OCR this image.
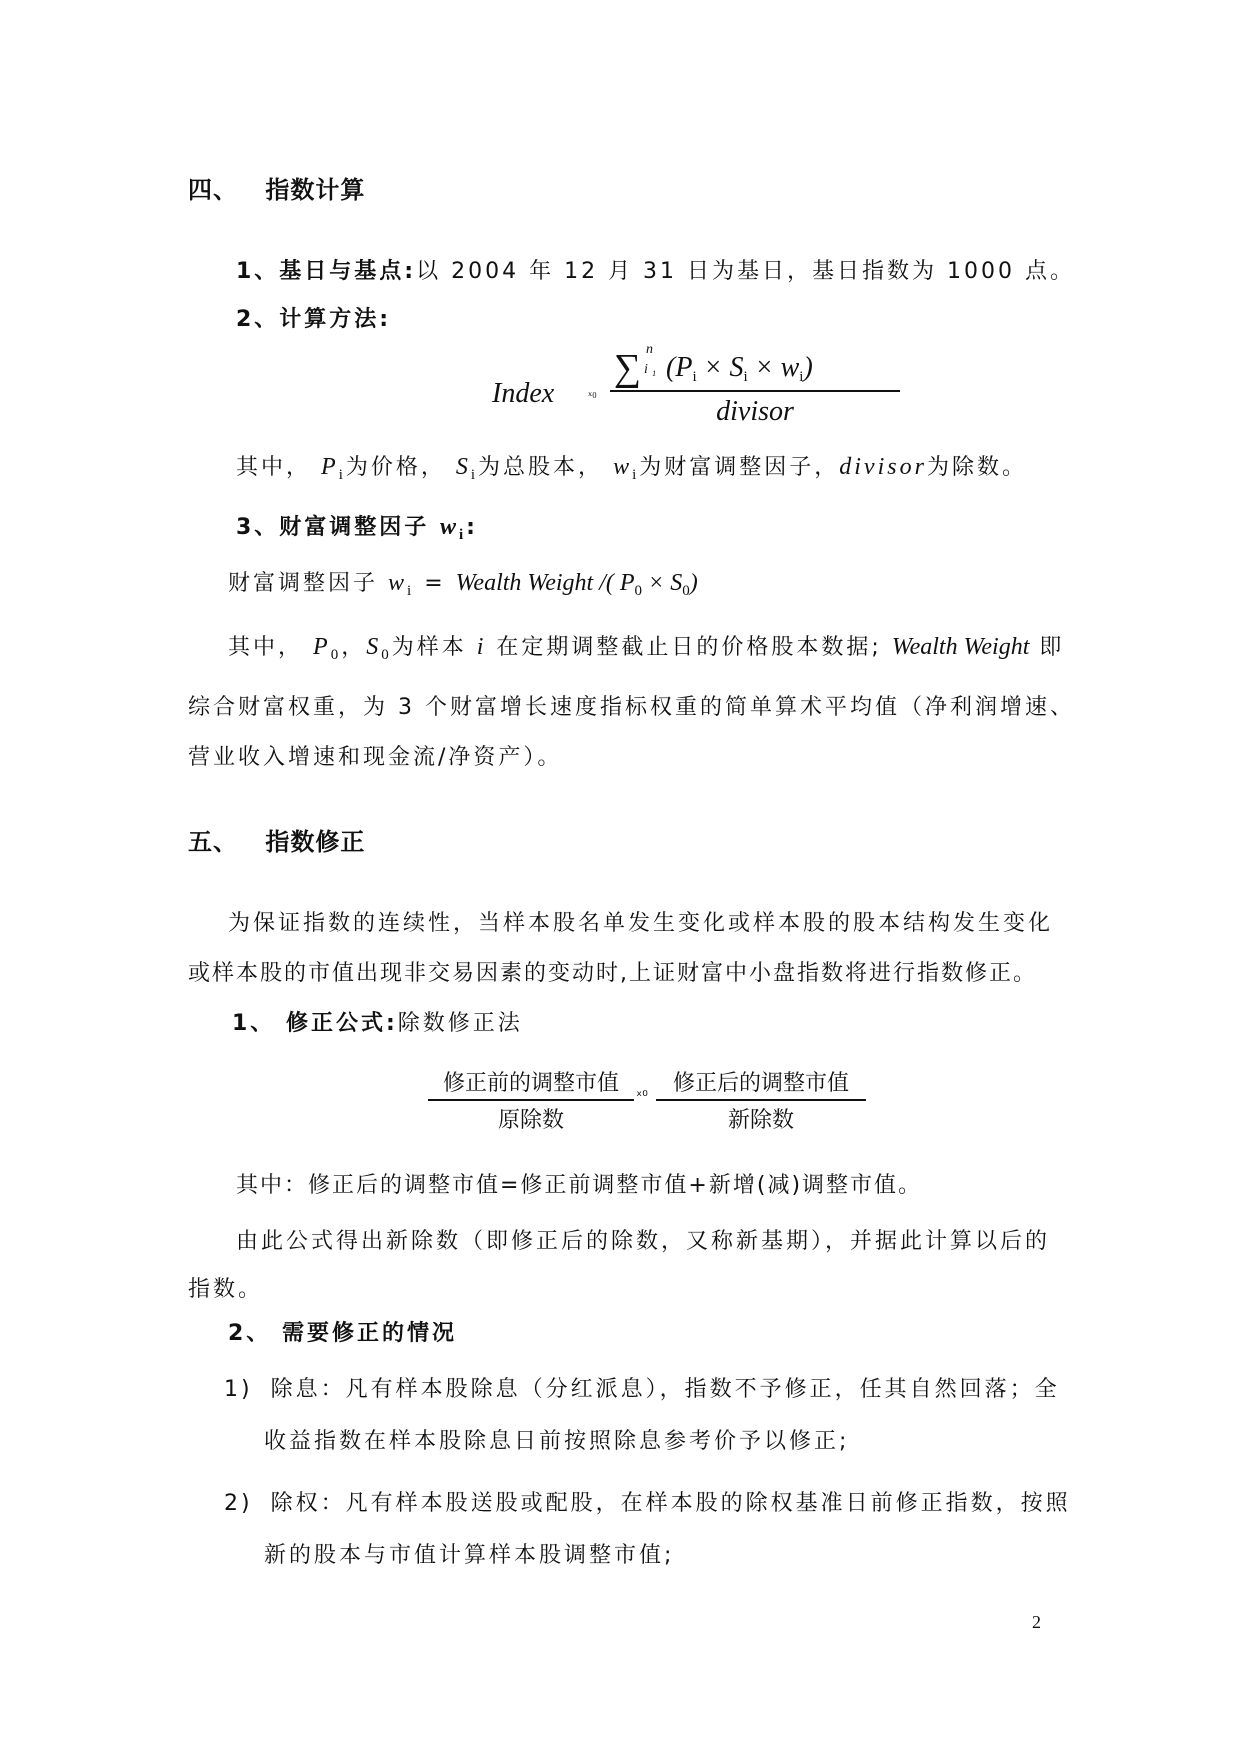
四、 指数计算
1、基日与基点:以 2004 年 12 月 31 日为基日，基日指数为 1000 点。
2、计算方法:
Index ₓ₀
∑ n
i ₁ $(P_i \times S_i \times w_i)$
divisor
其中， $P_i$为价格， $S_i$为总股本， $w_i$为财富调整因子，divisor为除数。
3、财富调整因子 $w_i$:
财富调整因子 $w_i$ = Wealth Weight /( $P_0 \times S_0$)
其中， $P_0$，$S_0$为样本 i 在定期调整截止日的价格股本数据; Wealth Weight 即
综合财富权重，为 3 个财富增长速度指标权重的简单算术平均值（净利润增速、
营业收入增速和现金流/净资产）。
五、 指数修正
为保证指数的连续性，当样本股名单发生变化或样本股的股本结构发生变化
或样本股的市值出现非交易因素的变动时,上证财富中小盘指数将进行指数修正。
1、 修正公式:除数修正法
修正前的调整市值
原除数
ₓ₀	修正后的调整市值
新除数
其中：修正后的调整市值=修正前调整市值+新增(减)调整市值。
由此公式得出新除数（即修正后的除数，又称新基期），并据此计算以后的
指数。
2、 需要修正的情况
1) 除息：凡有样本股除息（分红派息），指数不予修正，任其自然回落；全
收益指数在样本股除息日前按照除息参考价予以修正;
2) 除权：凡有样本股送股或配股，在样本股的除权基准日前修正指数，按照
新的股本与市值计算样本股调整市值;
2
